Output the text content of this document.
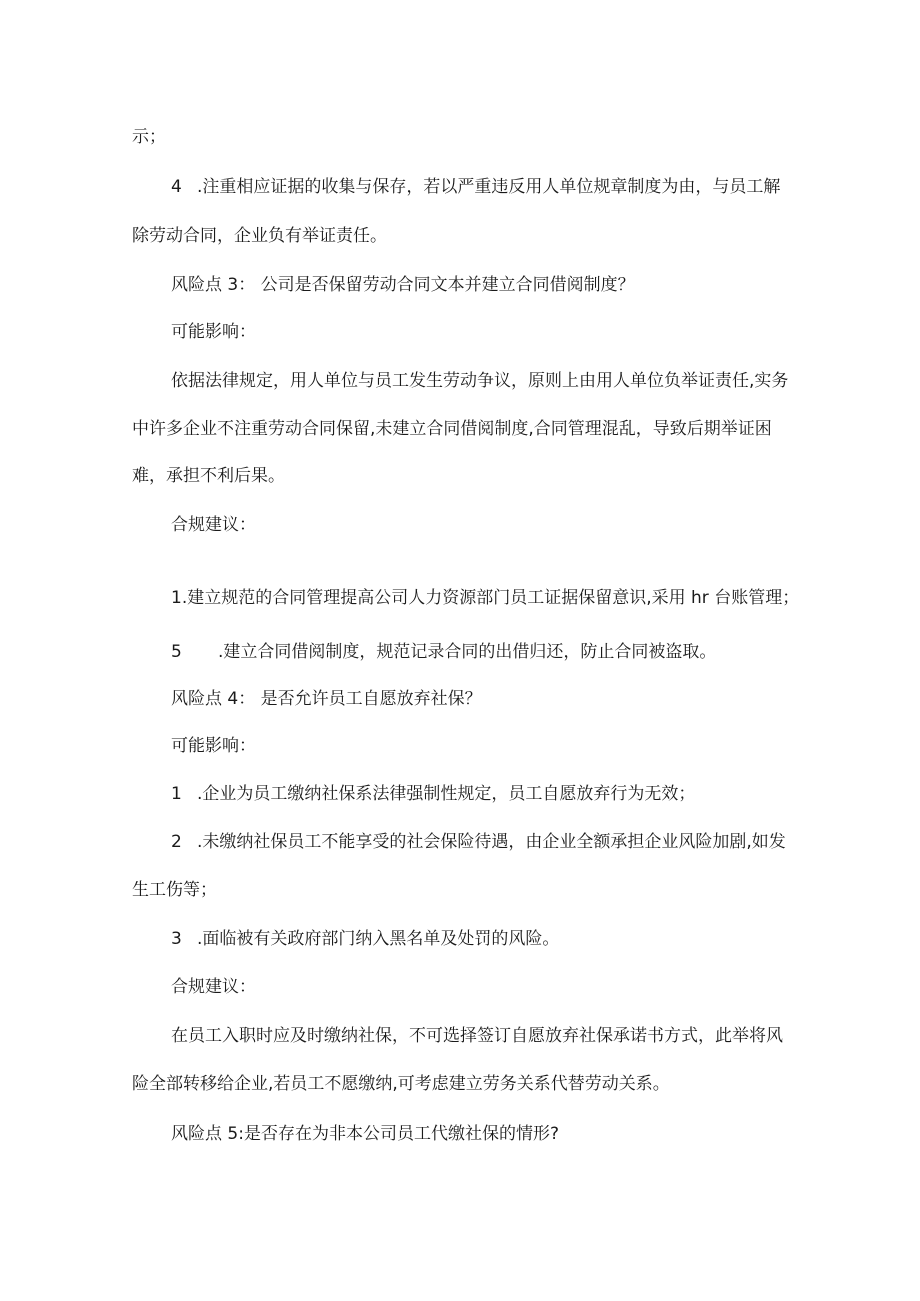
示；
4 .注重相应证据的收集与保存，若以严重违反用人单位规章制度为由，与员工解
除劳动合同，企业负有举证责任。
风险点 3： 公司是否保留劳动合同文本并建立合同借阅制度？
可能影响：
依据法律规定，用人单位与员工发生劳动争议，原则上由用人单位负举证责任,实务
中许多企业不注重劳动合同保留,未建立合同借阅制度,合同管理混乱，导致后期举证困
难，承担不利后果。
合规建议：
1.建立规范的合同管理提高公司人力资源部门员工证据保留意识,采用 hr 台账管理；
5 .建立合同借阅制度，规范记录合同的出借归还，防止合同被盗取。
风险点 4： 是否允许员工自愿放弃社保？
可能影响：
1 .企业为员工缴纳社保系法律强制性规定，员工自愿放弃行为无效；
2 .未缴纳社保员工不能享受的社会保险待遇，由企业全额承担企业风险加剧,如发
生工伤等；
3 .面临被有关政府部门纳入黑名单及处罚的风险。
合规建议：
在员工入职时应及时缴纳社保，不可选择签订自愿放弃社保承诺书方式，此举将风
险全部转移给企业,若员工不愿缴纳,可考虑建立劳务关系代替劳动关系。
风险点 5:是否存在为非本公司员工代缴社保的情形?
